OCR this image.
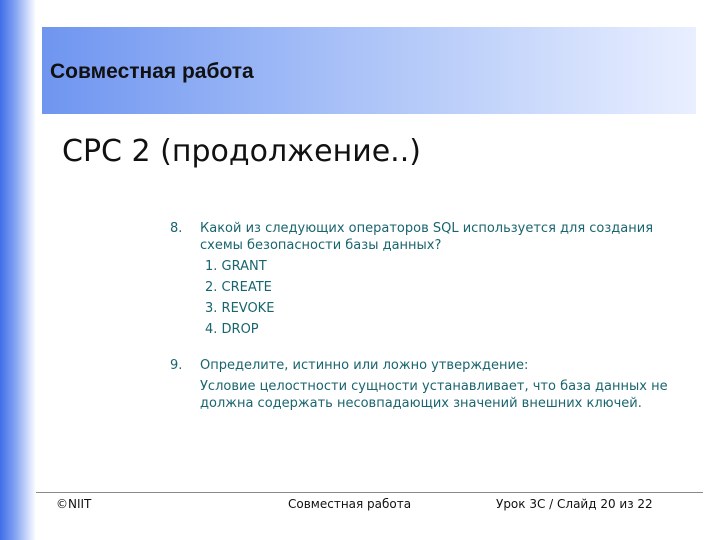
Совместная работа
СРС 2 (продолжение..)
8. Какой из следующих операторов SQL используется для создания схемы безопасности базы данных?
1. GRANT
2. CREATE
3. REVOKE
4. DROP
9. Определите, истинно или ложно утверждение:
Условие целостности сущности устанавливает, что база данных не должна содержать несовпадающих значений внешних ключей.
©NIIT	Совместная работа	Урок 3С / Слайд 20 из 22
